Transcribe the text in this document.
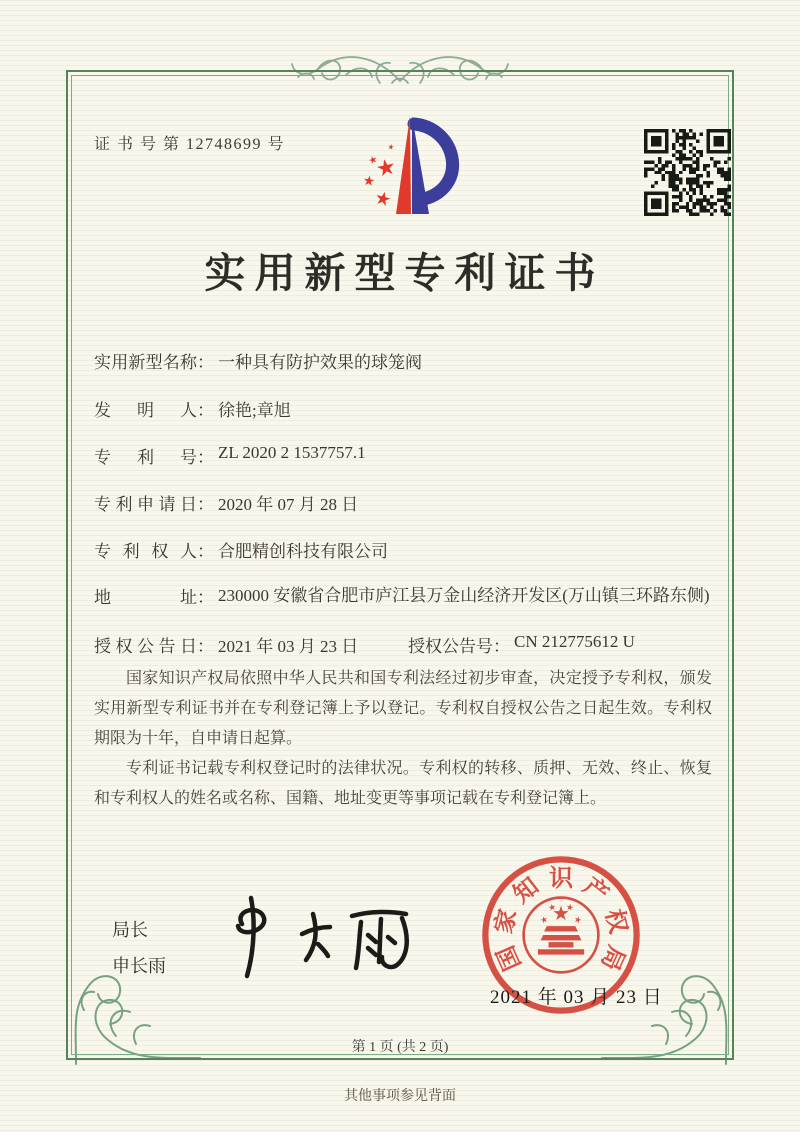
证 书 号 第 12748699 号
实用新型专利证书
实用新型名称： 一种具有防护效果的球笼阀
发明人： 徐艳;章旭
专利号： ZL 2020 2 1537757.1
专利申请日： 2020 年 07 月 28 日
专利权人： 合肥精创科技有限公司
地址： 230000 安徽省合肥市庐江县万金山经济开发区(万山镇三环路东侧)
授权公告日： 2021 年 03 月 23 日	授权公告号： CN 212775612 U

国家知识产权局依照中华人民共和国专利法经过初步审查，决定授予专利权，颁发实用新型专利证书并在专利登记簿上予以登记。专利权自授权公告之日起生效。专利权期限为十年，自申请日起算。

专利证书记载专利权登记时的法律状况。专利权的转移、质押、无效、终止、恢复和专利权人的姓名或名称、国籍、地址变更等事项记载在专利登记簿上。

局长
申长雨	国
家
知 识 产
权
局
2021 年 03 月 23 日
第 1 页 (共 2 页)
其他事项参见背面
